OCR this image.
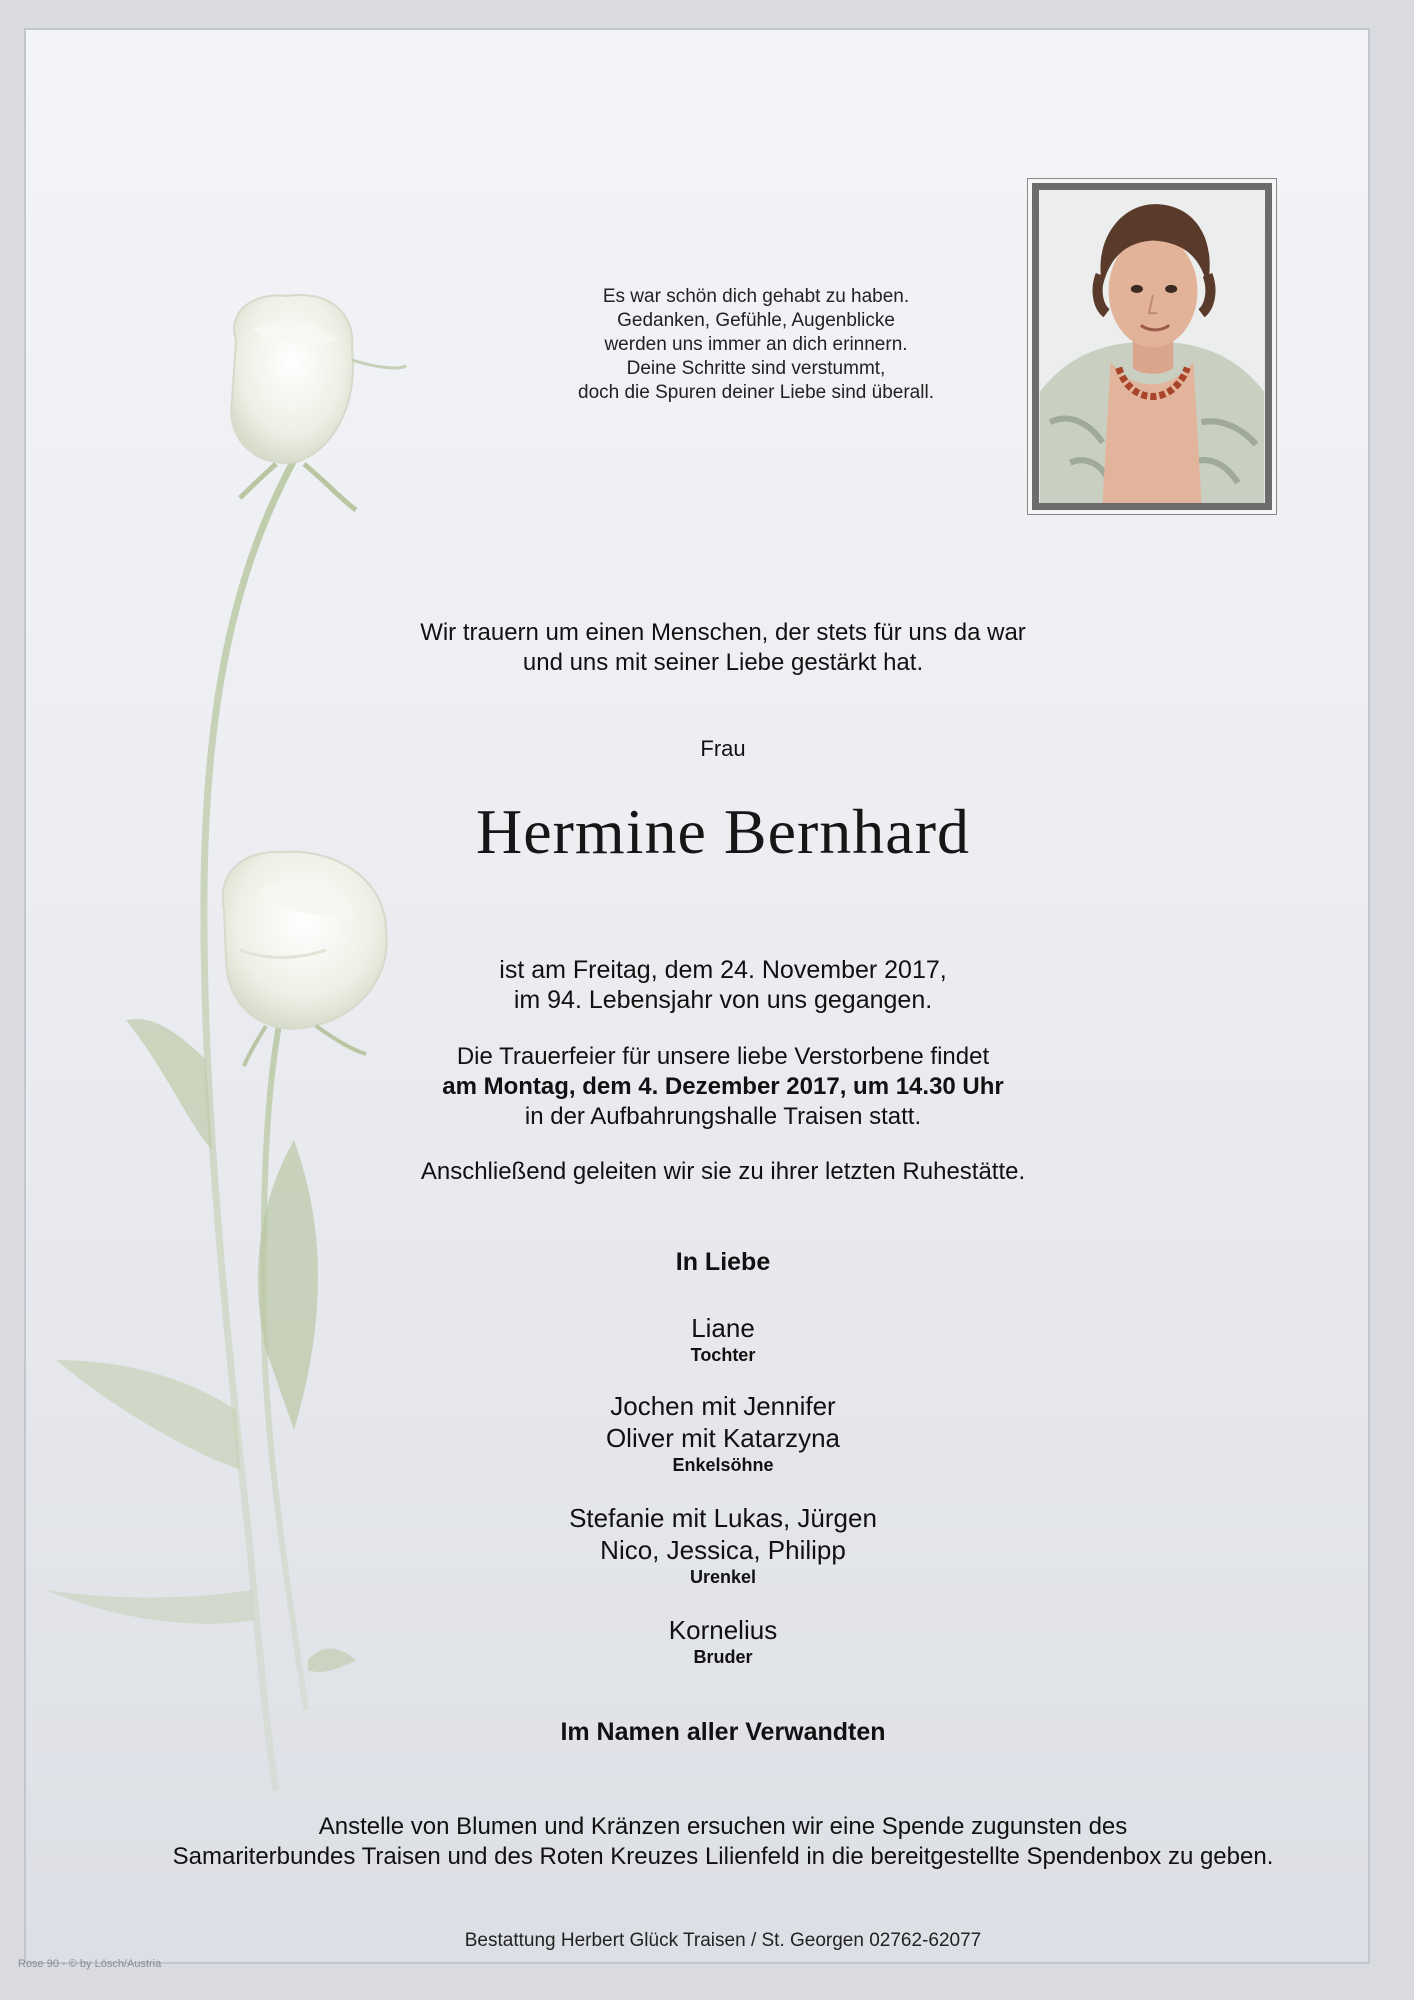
Es war schön dich gehabt zu haben.
Gedanken, Gefühle, Augenblicke
werden uns immer an dich erinnern.
Deine Schritte sind verstummt,
doch die Spuren deiner Liebe sind überall.
Wir trauern um einen Menschen, der stets für uns da war
und uns mit seiner Liebe gestärkt hat.
Frau
Hermine Bernhard
ist am Freitag, dem 24. November 2017,
im 94. Lebensjahr von uns gegangen.
Die Trauerfeier für unsere liebe Verstorbene findet
am Montag, dem 4. Dezember 2017, um 14.30 Uhr
in der Aufbahrungshalle Traisen statt.
Anschließend geleiten wir sie zu ihrer letzten Ruhestätte.
In Liebe
Liane
Tochter
Jochen mit Jennifer
Oliver mit Katarzyna
Enkelsöhne
Stefanie mit Lukas, Jürgen
Nico, Jessica, Philipp
Urenkel
Kornelius
Bruder
Im Namen aller Verwandten
Anstelle von Blumen und Kränzen ersuchen wir eine Spende zugunsten des
Samariterbundes Traisen und des Roten Kreuzes Lilienfeld in die bereitgestellte Spendenbox zu geben.
Bestattung Herbert Glück Traisen / St. Georgen 02762-62077
Rose 90 - © by Lösch/Austria
